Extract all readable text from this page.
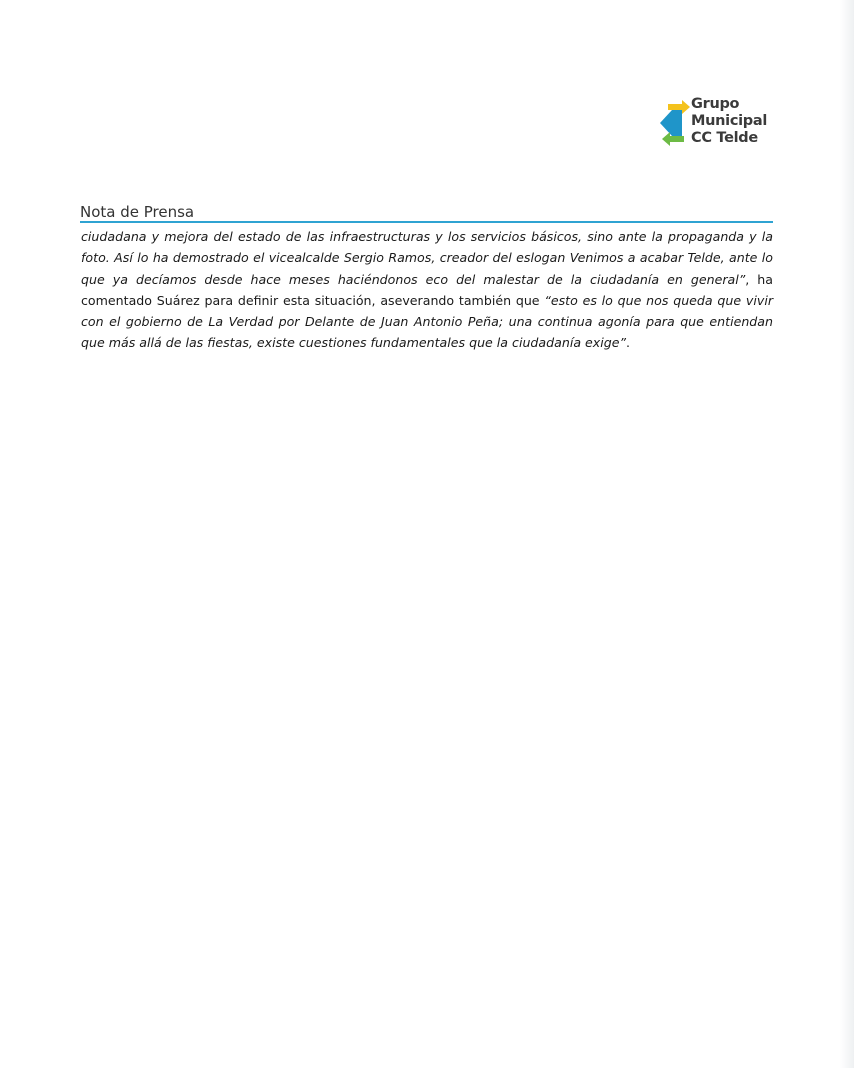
Grupo
Municipal
CC Telde
Nota de Prensa

ciudadana y mejora del estado de las infraestructuras y los servicios básicos, sino ante la propaganda y la foto. Así lo ha demostrado el vicealcalde Sergio Ramos, creador del eslogan Venimos a acabar Telde, ante lo que ya decíamos desde hace meses haciéndonos eco del malestar de la ciudadanía en general”, ha comentado Suárez para definir esta situación, aseverando también que “esto es lo que nos queda que vivir con el gobierno de La Verdad por Delante de Juan Antonio Peña; una continua agonía para que entiendan que más allá de las fiestas, existe cuestiones fundamentales que la ciudadanía exige”.
